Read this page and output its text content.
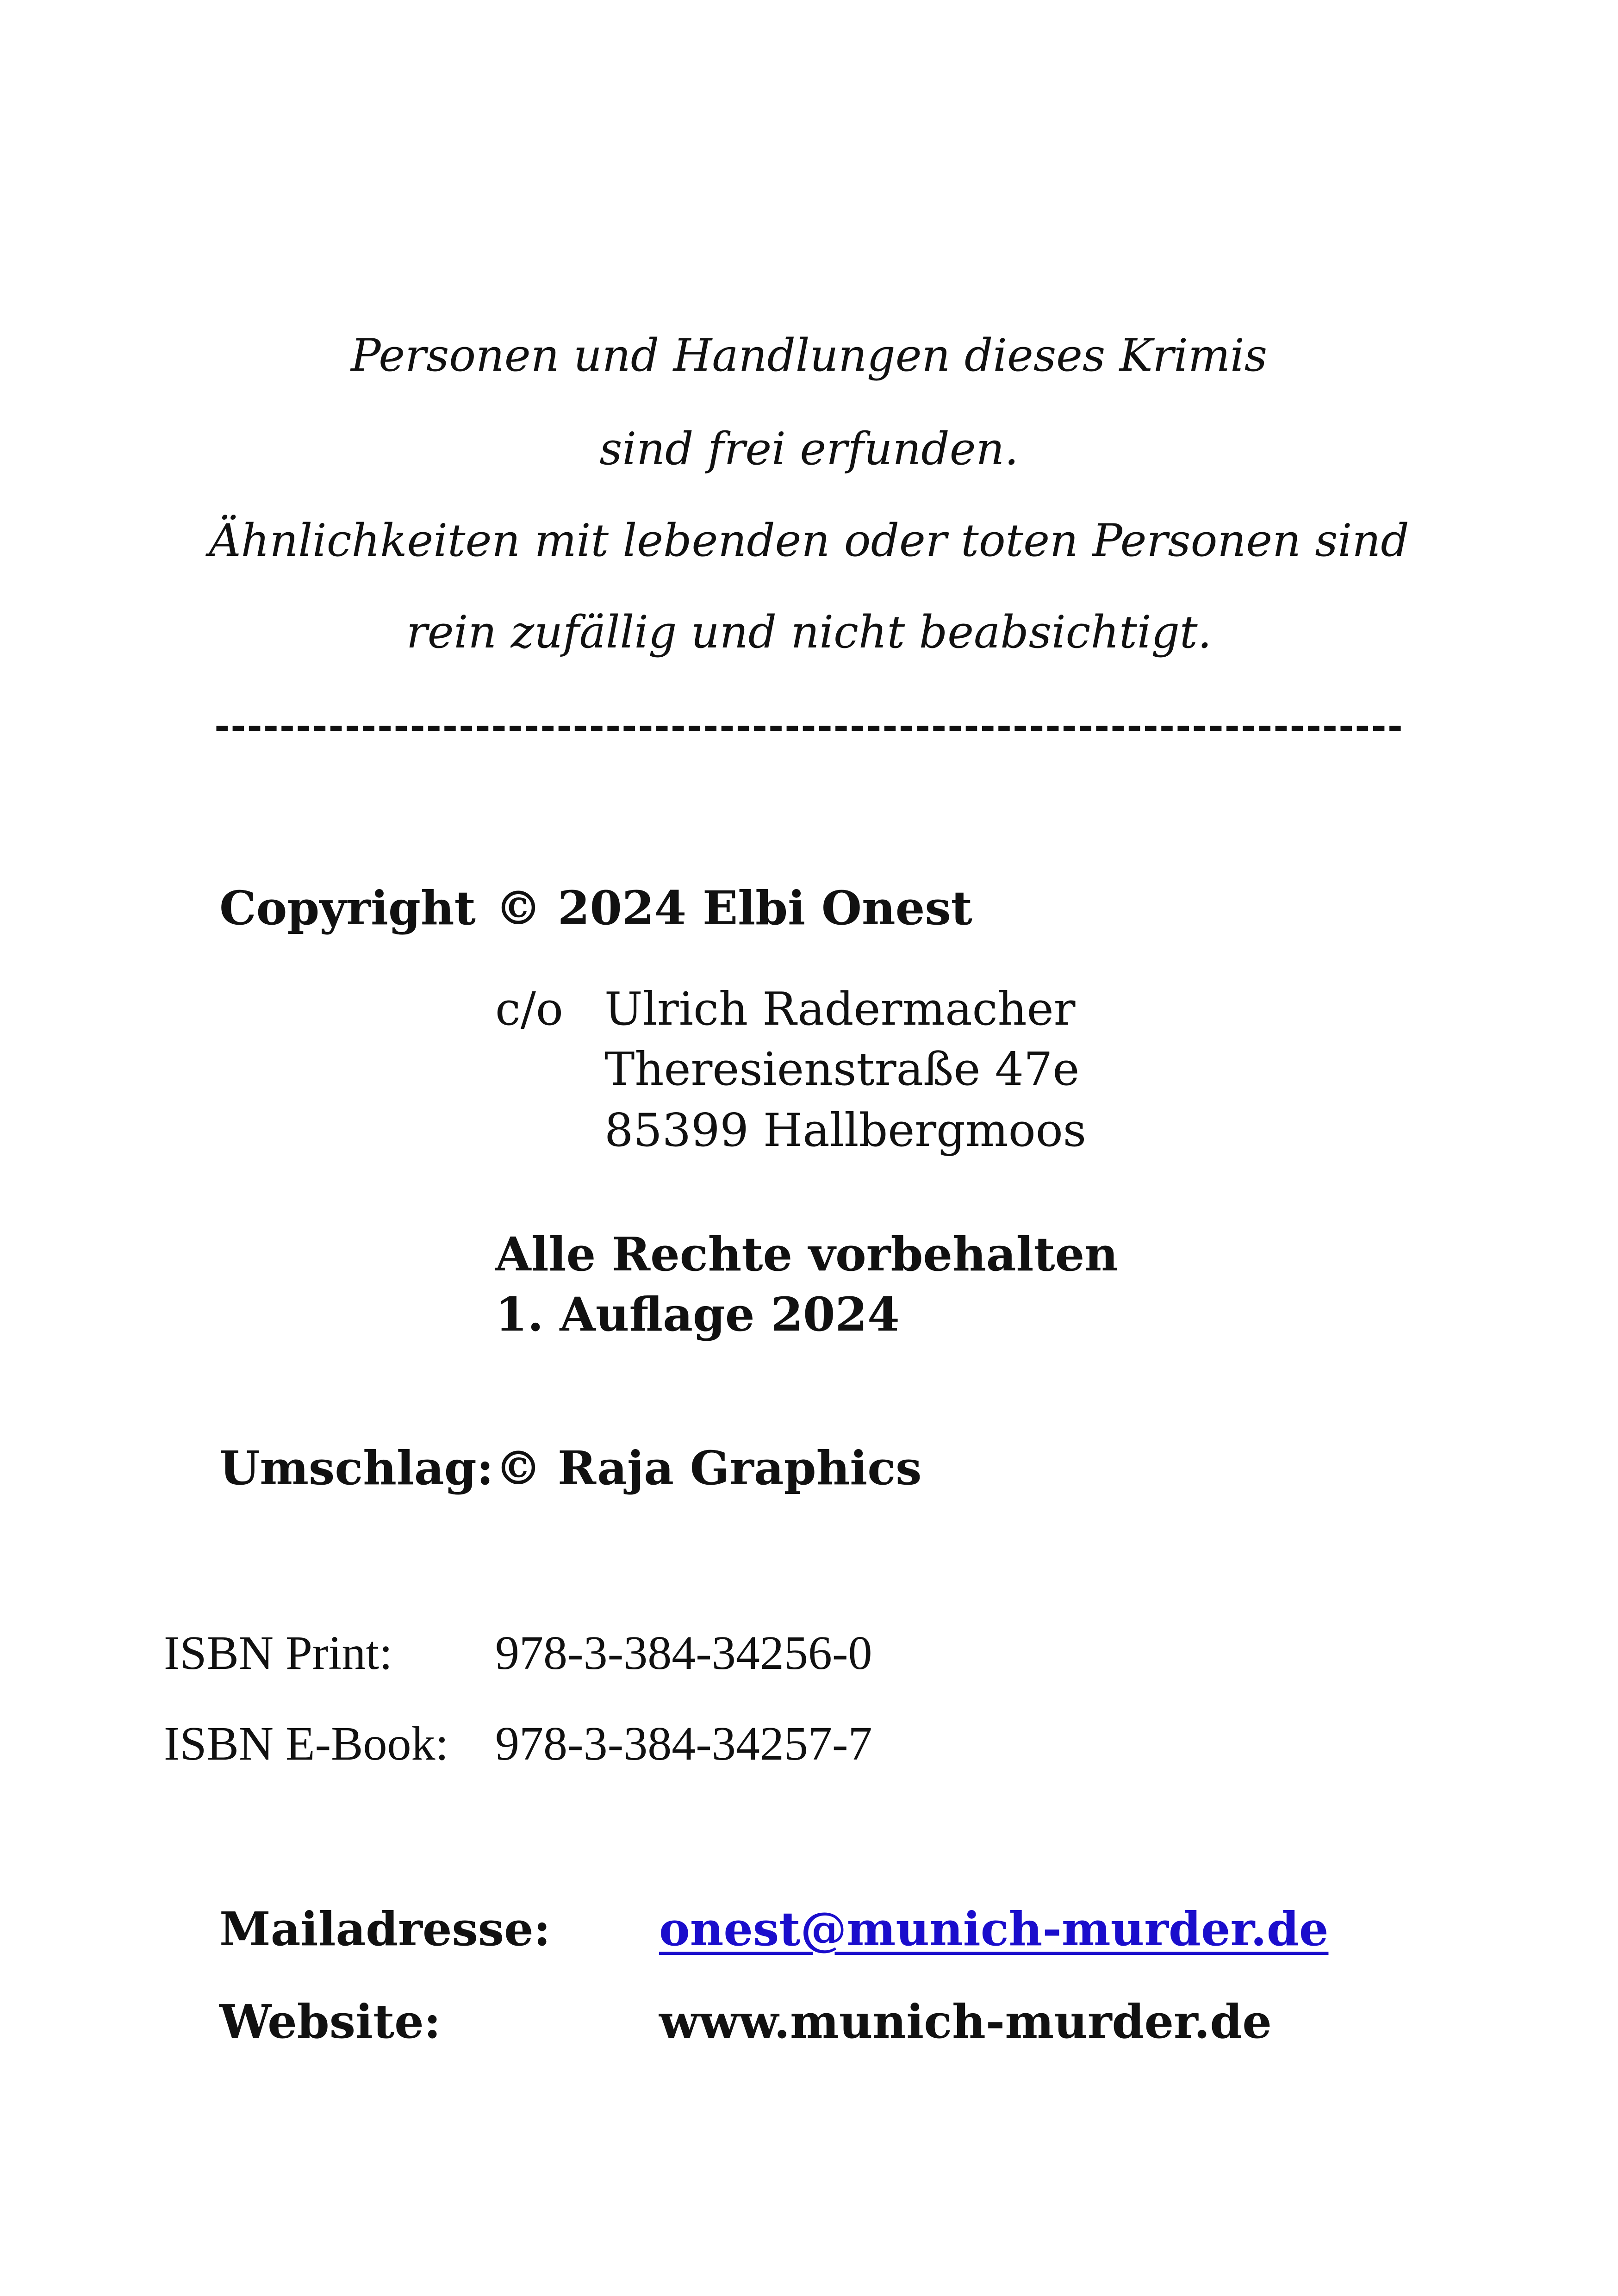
Personen und Handlungen dieses Krimis
sind frei erfunden.
Ähnlichkeiten mit lebenden oder toten Personen sind
rein zufällig und nicht beabsichtigt.
-------------------------------------------------------------------------
Copyright © 2024 Elbi Onest
c/o Ulrich Radermacher
Theresienstraße 47e
85399 Hallbergmoos
Alle Rechte vorbehalten
1. Auflage 2024
Umschlag: © Raja Graphics
ISBN Print: 978-3-384-34256-0
ISBN E-Book: 978-3-384-34257-7
Mailadresse: onest@munich-murder.de
Website:	www.munich-murder.de
